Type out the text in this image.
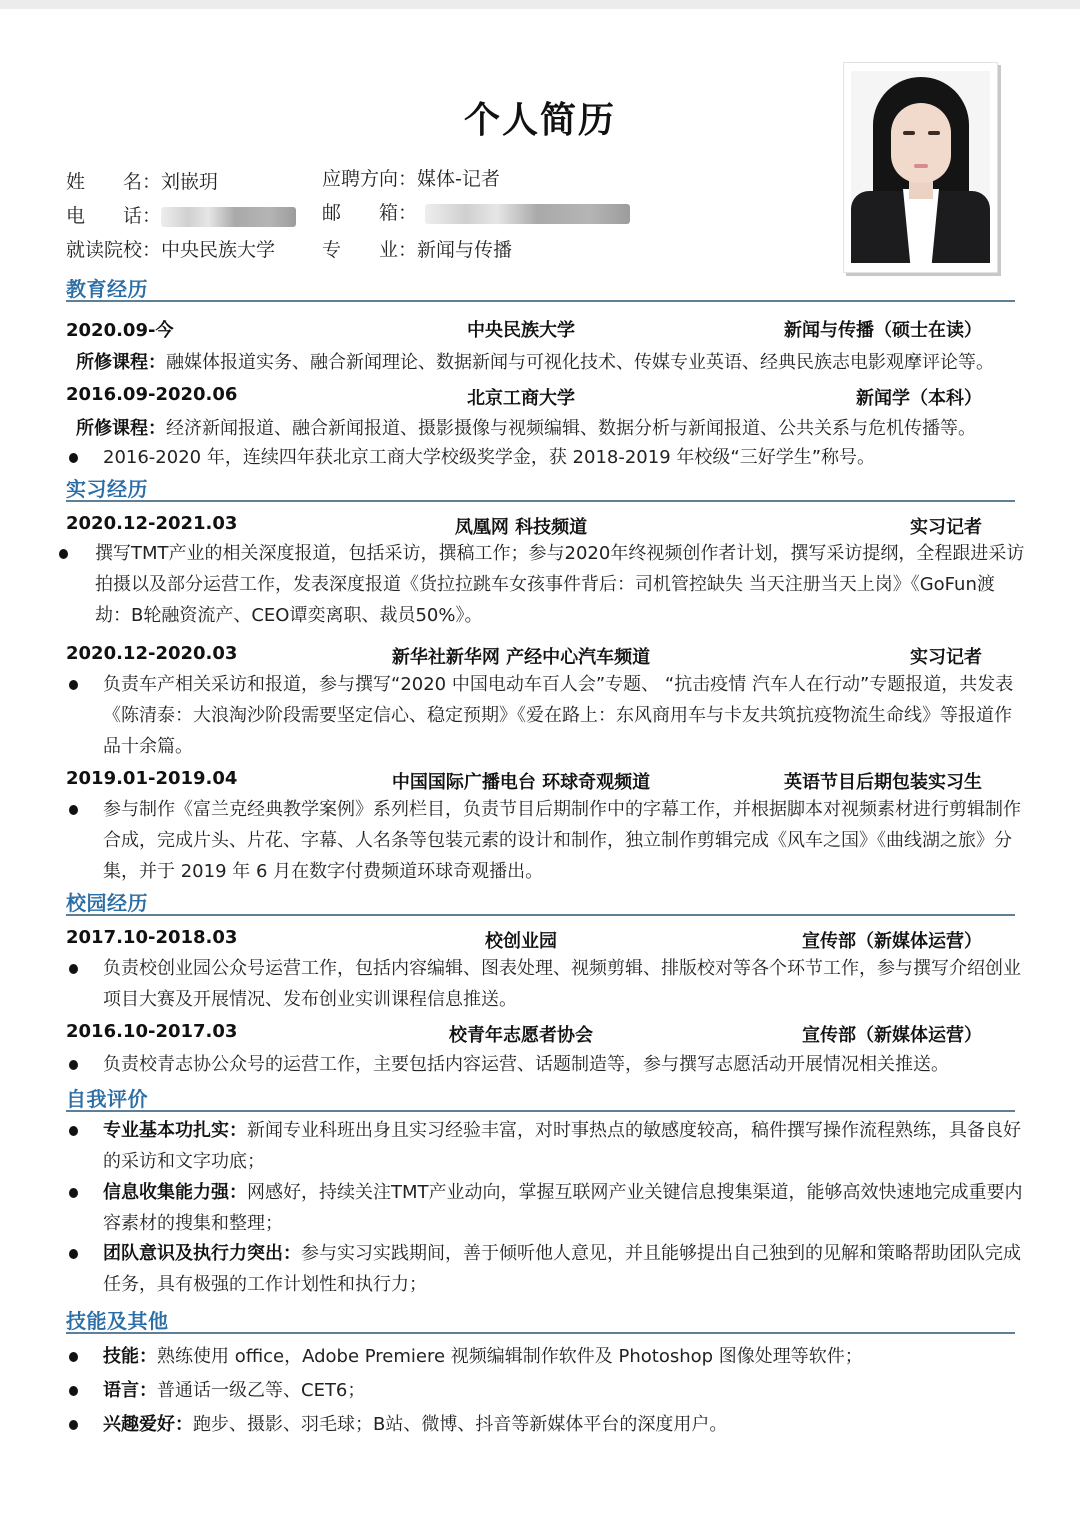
个人简历
姓　　名：刘嵌玥
电　　话：
就读院校：中央民族大学
应聘方向：媒体-记者
邮　　箱：
专　　业：新闻与传播
教育经历
2020.09-今	中央民族大学	新闻与传播（硕士在读）
所修课程：融媒体报道实务、融合新闻理论、数据新闻与可视化技术、传媒专业英语、经典民族志电影观摩评论等。
2016.09-2020.06	北京工商大学	新闻学（本科）
所修课程：经济新闻报道、融合新闻报道、摄影摄像与视频编辑、数据分析与新闻报道、公共关系与危机传播等。
2016-2020 年，连续四年获北京工商大学校级奖学金，获 2018-2019 年校级“三好学生”称号。
实习经历
2020.12-2021.03	凤凰网 科技频道	实习记者
撰写TMT产业的相关深度报道，包括采访，撰稿工作；参与2020年终视频创作者计划，撰写采访提纲，全程跟进采访拍摄以及部分运营工作，发表深度报道《货拉拉跳车女孩事件背后：司机管控缺失 当天注册当天上岗》《GoFun渡劫：B轮融资流产、CEO谭奕离职、裁员50%》。
2020.12-2020.03	新华社新华网 产经中心汽车频道	实习记者
负责车产相关采访和报道，参与撰写“2020 中国电动车百人会”专题、 “抗击疫情 汽车人在行动”专题报道，共发表《陈清泰：大浪淘沙阶段需要坚定信心、稳定预期》《爱在路上：东风商用车与卡友共筑抗疫物流生命线》等报道作品十余篇。
2019.01-2019.04	中国国际广播电台 环球奇观频道	英语节目后期包装实习生
参与制作《富兰克经典教学案例》系列栏目，负责节目后期制作中的字幕工作，并根据脚本对视频素材进行剪辑制作合成，完成片头、片花、字幕、人名条等包装元素的设计和制作，独立制作剪辑完成《风车之国》《曲线湖之旅》分集，并于 2019 年 6 月在数字付费频道环球奇观播出。
校园经历
2017.10-2018.03	校创业园	宣传部（新媒体运营）
负责校创业园公众号运营工作，包括内容编辑、图表处理、视频剪辑、排版校对等各个环节工作，参与撰写介绍创业项目大赛及开展情况、发布创业实训课程信息推送。
2016.10-2017.03	校青年志愿者协会	宣传部（新媒体运营）
负责校青志协公众号的运营工作，主要包括内容运营、话题制造等，参与撰写志愿活动开展情况相关推送。
自我评价
专业基本功扎实：新闻专业科班出身且实习经验丰富，对时事热点的敏感度较高，稿件撰写操作流程熟练，具备良好的采访和文字功底；
信息收集能力强：网感好，持续关注TMT产业动向，掌握互联网产业关键信息搜集渠道，能够高效快速地完成重要内容素材的搜集和整理；
团队意识及执行力突出：参与实习实践期间，善于倾听他人意见，并且能够提出自己独到的见解和策略帮助团队完成任务，具有极强的工作计划性和执行力；
技能及其他
技能：熟练使用 office，Adobe Premiere 视频编辑制作软件及 Photoshop 图像处理等软件；
语言：普通话一级乙等、CET6；
兴趣爱好：跑步、摄影、羽毛球；B站、微博、抖音等新媒体平台的深度用户。
